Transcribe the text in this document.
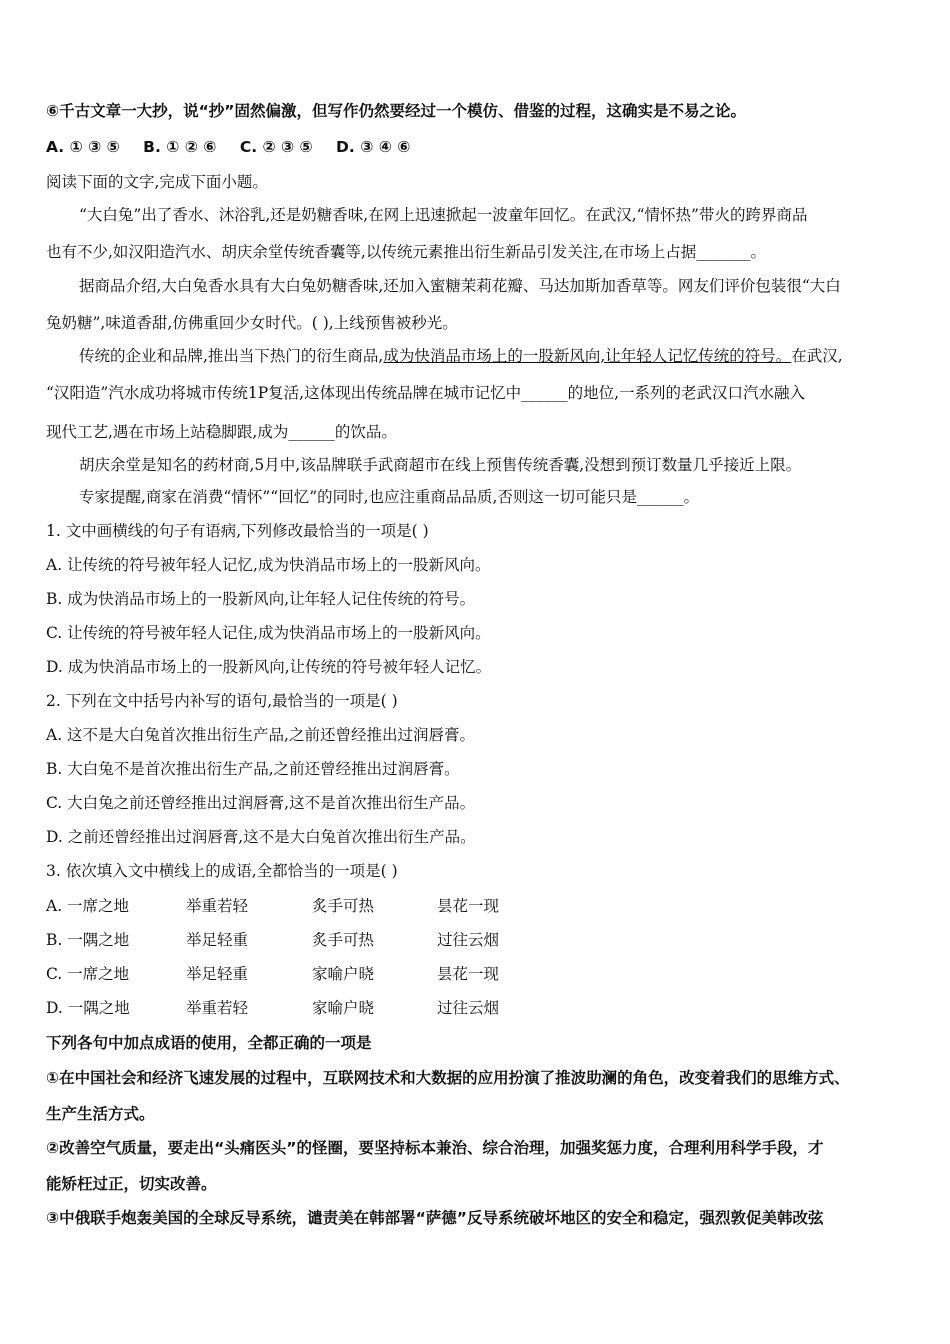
⑥千古文章一大抄，说“抄”固然偏激，但写作仍然要经过一个模仿、借鉴的过程，这确实是不易之论。
A. ① ③ ⑤ B. ① ② ⑥ C. ② ③ ⑤ D. ③ ④ ⑥
阅读下面的文字,完成下面小题。
“大白兔”出了香水、沐浴乳,还是奶糖香味,在网上迅速掀起一波童年回忆。在武汉,“情怀热”带火的跨界商品
也有不少,如汉阳造汽水、胡庆余堂传统香囊等,以传统元素推出衍生新品引发关注,在市场上占据_______。
据商品介绍,大白兔香水具有大白兔奶糖香味,还加入蜜糖茉莉花瓣、马达加斯加香草等。网友们评价包装很“大白
兔奶糖”,味道香甜,仿佛重回少女时代。( ),上线预售被秒光。
传统的企业和品牌,推出当下热门的衍生商品,成为快消品市场上的一股新风向,让年轻人记忆传统的符号。在武汉,
“汉阳造”汽水成功将城市传统1P复活,这体现出传统品牌在城市记忆中______的地位,一系列的老武汉口汽水融入
现代工艺,遇在市场上站稳脚跟,成为______的饮品。
胡庆余堂是知名的药材商,5月中,该品牌联手武商超市在线上预售传统香囊,没想到预订数量几乎接近上限。
专家提醒,商家在消费“情怀”“回忆”的同时,也应注重商品品质,否则这一切可能只是______。
1. 文中画横线的句子有语病,下列修改最恰当的一项是( )
A. 让传统的符号被年轻人记忆,成为快消品市场上的一股新风向。
B. 成为快消品市场上的一股新风向,让年轻人记住传统的符号。
C. 让传统的符号被年轻人记住,成为快消品市场上的一股新风向。
D. 成为快消品市场上的一股新风向,让传统的符号被年轻人记忆。
2. 下列在文中括号内补写的语句,最恰当的一项是( )
A. 这不是大白兔首次推出衍生产品,之前还曾经推出过润唇膏。
B. 大白兔不是首次推出衍生产品,之前还曾经推出过润唇膏。
C. 大白兔之前还曾经推出过润唇膏,这不是首次推出衍生产品。
D. 之前还曾经推出过润唇膏,这不是大白兔首次推出衍生产品。
3. 依次填入文中横线上的成语,全都恰当的一项是( )
A. 一席之地	举重若轻	炙手可热	昙花一现
B. 一隅之地	举足轻重	炙手可热	过往云烟
C. 一席之地	举足轻重	家喻户晓	昙花一现
D. 一隅之地	举重若轻	家喻户晓	过往云烟
下列各句中加点成语的使用，全都正确的一项是
①在中国社会和经济飞速发展的过程中，互联网技术和大数据的应用扮演了推波助澜的角色，改变着我们的思维方式、
生产生活方式。
②改善空气质量，要走出“头痛医头”的怪圈，要坚持标本兼治、综合治理，加强奖惩力度，合理利用科学手段，才
能矫枉过正，切实改善。
③中俄联手炮轰美国的全球反导系统，谴责美在韩部署“萨德”反导系统破坏地区的安全和稳定，强烈敦促美韩改弦
